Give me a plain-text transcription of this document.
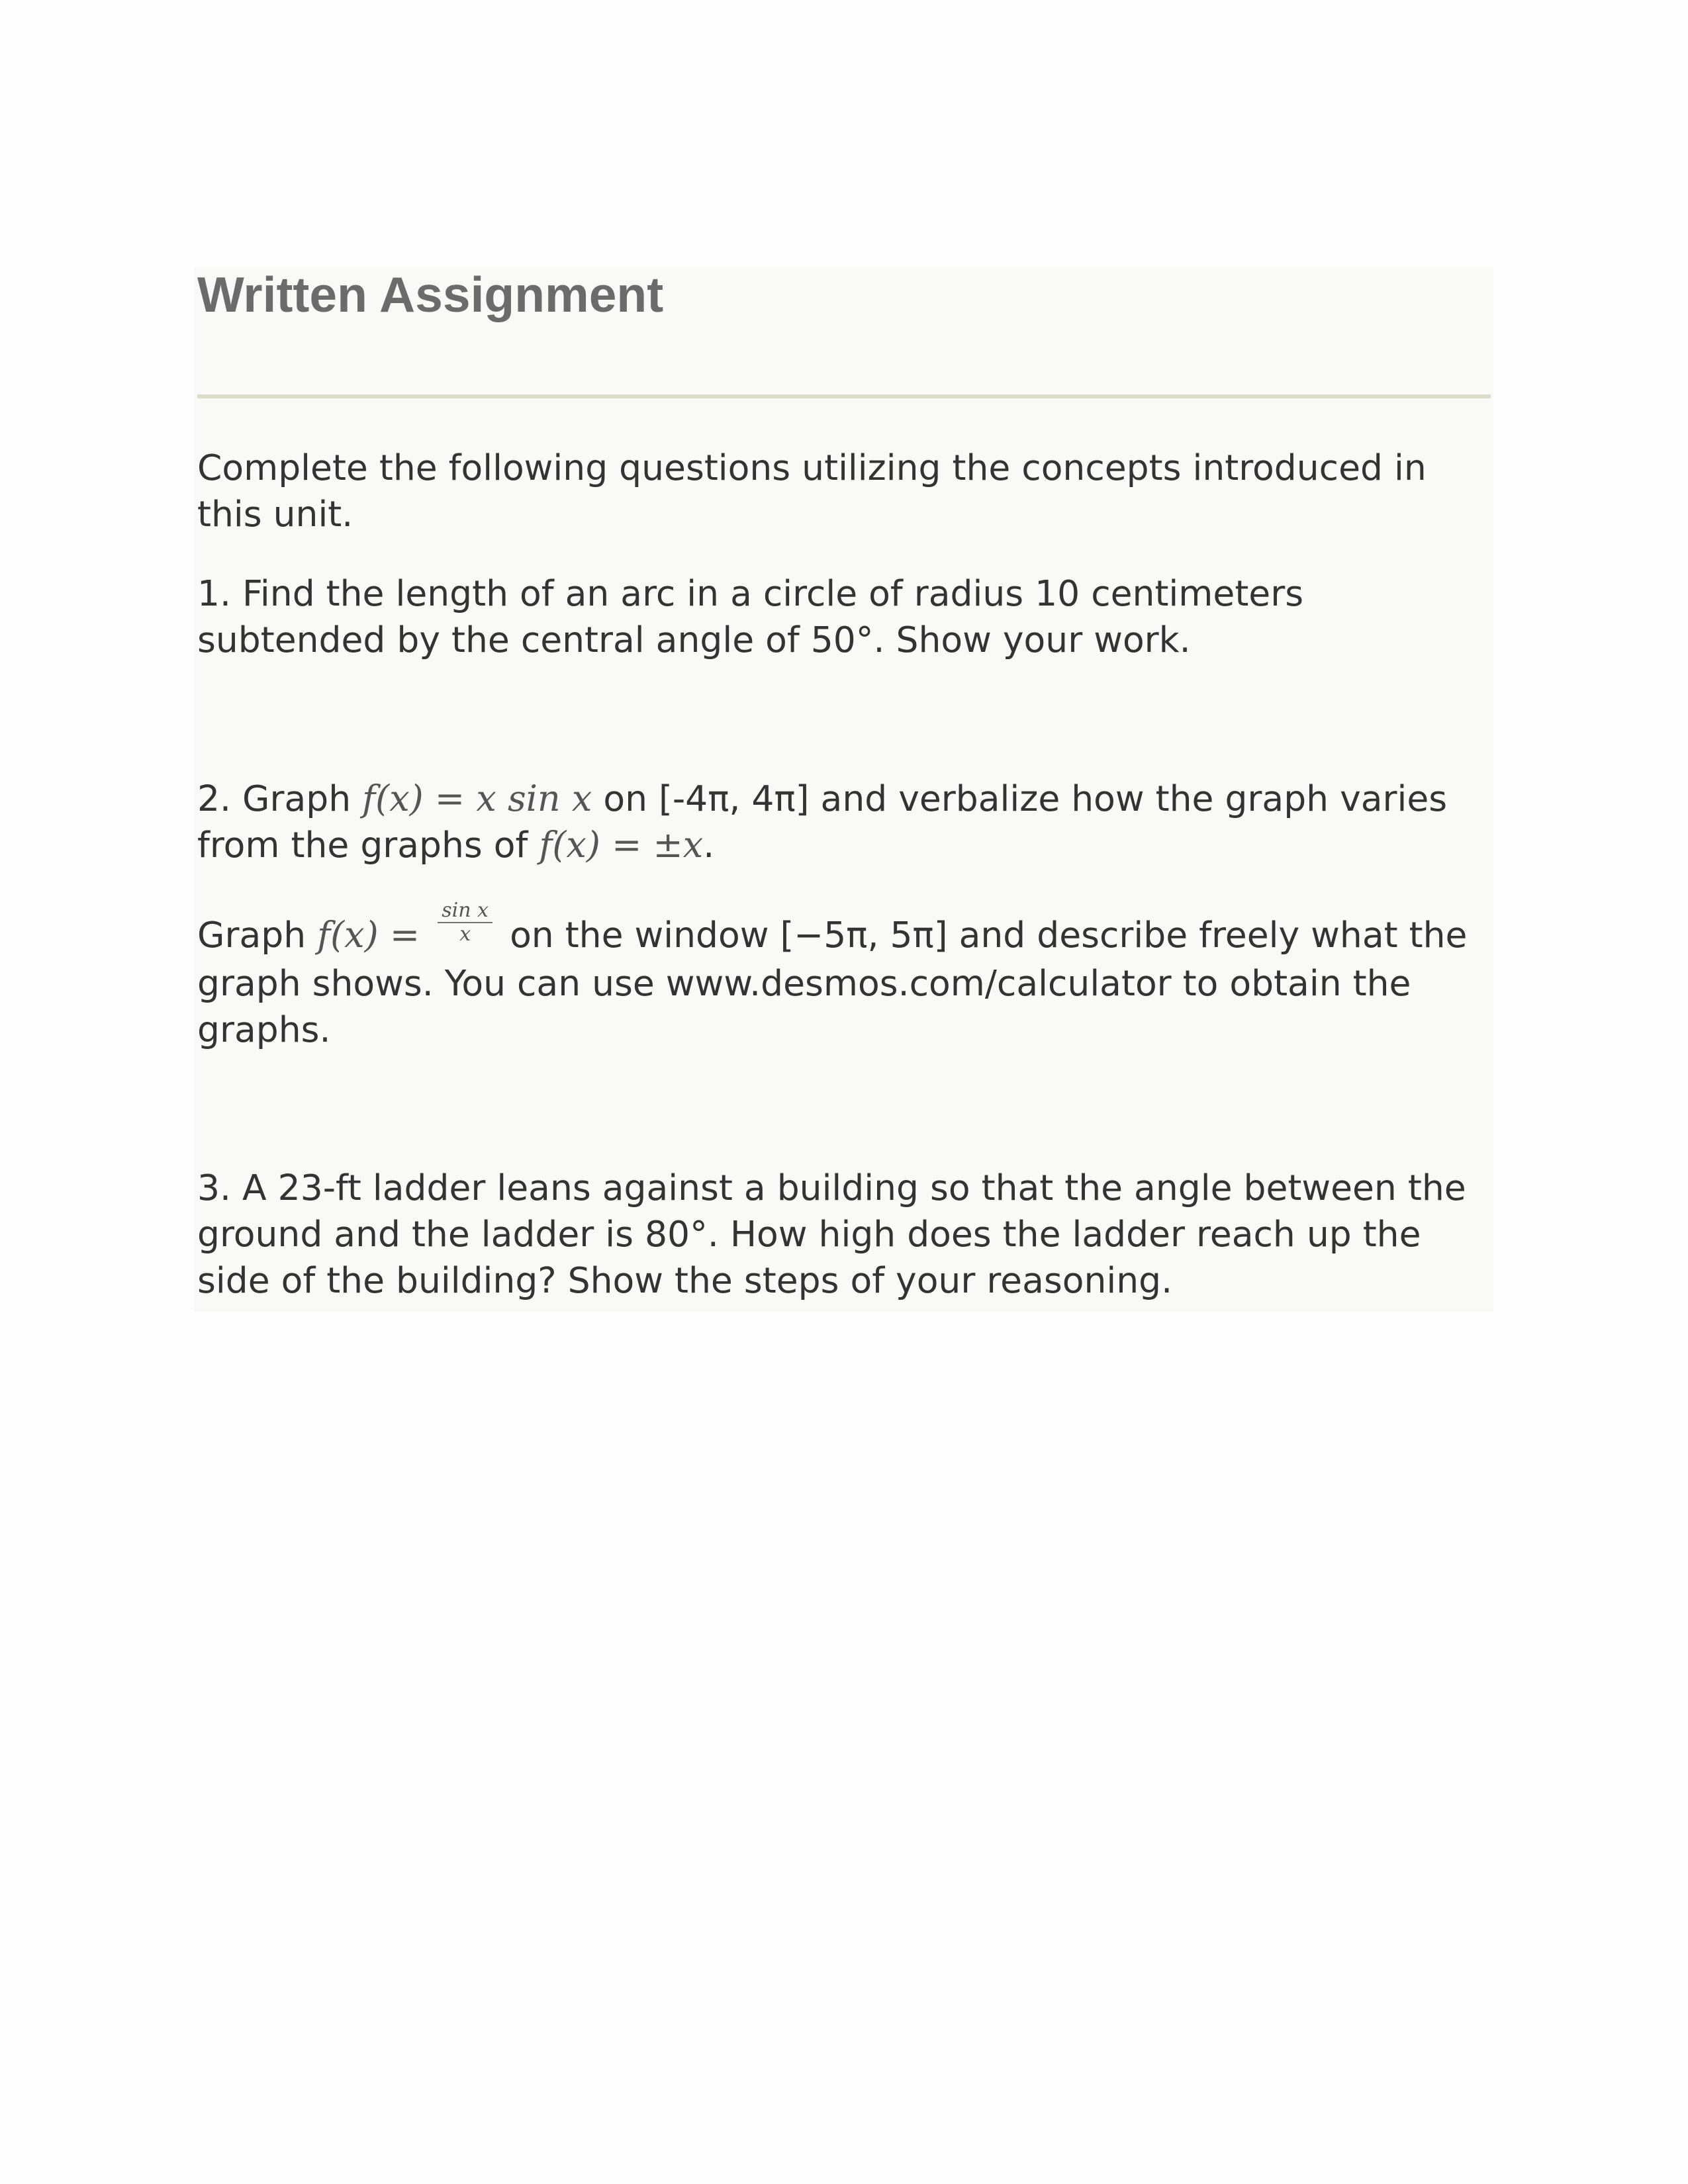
Written Assignment

Complete the following questions utilizing the concepts introduced in this unit.

1. Find the length of an arc in a circle of radius 10 centimeters subtended by the central angle of 50°. Show your work.

2. Graph f(x) = x sin x on [-4π, 4π] and verbalize how the graph varies from the graphs of f(x) = ±x.

Graph $f(x) = \frac{\text{sin x}}{x}$ on the window [−5π, 5π] and describe freely what the graph shows. You can use www.desmos.com/calculator to obtain the graphs.

3. A 23-ft ladder leans against a building so that the angle between the ground and the ladder is 80°. How high does the ladder reach up the side of the building? Show the steps of your reasoning.
